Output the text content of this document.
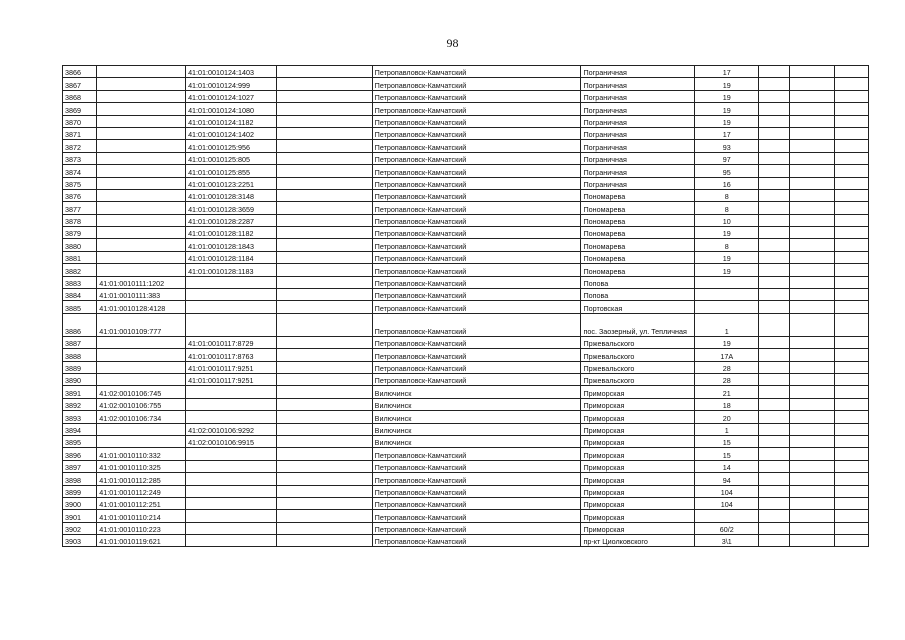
98
3866		41:01:0010124:1403		Петропавловск-Камчатский	Пограничная	17			
3867		41:01:0010124:999		Петропавловск-Камчатский	Пограничная	19			
3868		41:01:0010124:1027		Петропавловск-Камчатский	Пограничная	19			
3869		41:01:0010124:1080		Петропавловск-Камчатский	Пограничная	19			
3870		41:01:0010124:1182		Петропавловск-Камчатский	Пограничная	19			
3871		41:01:0010124:1402		Петропавловск-Камчатский	Пограничная	17			
3872		41:01:0010125:956		Петропавловск-Камчатский	Пограничная	93			
3873		41:01:0010125:805		Петропавловск-Камчатский	Пограничная	97			
3874		41:01:0010125:855		Петропавловск-Камчатский	Пограничная	95			
3875		41:01:0010123:2251		Петропавловск-Камчатский	Пограничная	16			
3876		41:01:0010128:3148		Петропавловск-Камчатский	Пономарева	8			
3877		41:01:0010128:3659		Петропавловск-Камчатский	Пономарева	8			
3878		41:01:0010128:2287		Петропавловск-Камчатский	Пономарева	10			
3879		41:01:0010128:1182		Петропавловск-Камчатский	Пономарева	19			
3880		41:01:0010128:1843		Петропавловск-Камчатский	Пономарева	8			
3881		41:01:0010128:1184		Петропавловск-Камчатский	Пономарева	19			
3882		41:01:0010128:1183		Петропавловск-Камчатский	Пономарева	19			
3883	41:01:0010111:1202			Петропавловск-Камчатский	Попова				
3884	41:01:0010111:383			Петропавловск-Камчатский	Попова				
3885	41:01:0010128:4128			Петропавловск-Камчатский	Портовская				
3886	41:01:0010109:777			Петропавловск-Камчатский	пос. Заозерный, ул. Тепличная	1			
3887		41:01:0010117:8729		Петропавловск-Камчатский	Пржевальского	19			
3888		41:01:0010117:8763		Петропавловск-Камчатский	Пржевальского	17А			
3889		41:01:0010117:9251		Петропавловск-Камчатский	Пржевальского	28			
3890		41:01:0010117:9251		Петропавловск-Камчатский	Пржевальского	28			
3891	41:02:0010106:745			Вилючинск	Приморская	21			
3892	41:02:0010106:755			Вилючинск	Приморская	18			
3893	41:02:0010106:734			Вилючинск	Приморская	20			
3894		41:02:0010106:9292		Вилючинск	Приморская	1			
3895		41:02:0010106:9915		Вилючинск	Приморская	15			
3896	41:01:0010110:332			Петропавловск-Камчатский	Приморская	15			
3897	41:01:0010110:325			Петропавловск-Камчатский	Приморская	14			
3898	41:01:0010112:285			Петропавловск-Камчатский	Приморская	94			
3899	41:01:0010112:249			Петропавловск-Камчатский	Приморская	104			
3900	41:01:0010112:251			Петропавловск-Камчатский	Приморская	104			
3901	41:01:0010110:214			Петропавловск-Камчатский	Приморская				
3902	41:01:0010110:223			Петропавловск-Камчатский	Приморская	60/2			
3903	41:01:0010119:621			Петропавловск-Камчатский	пр-кт Циолковского	3\1			
